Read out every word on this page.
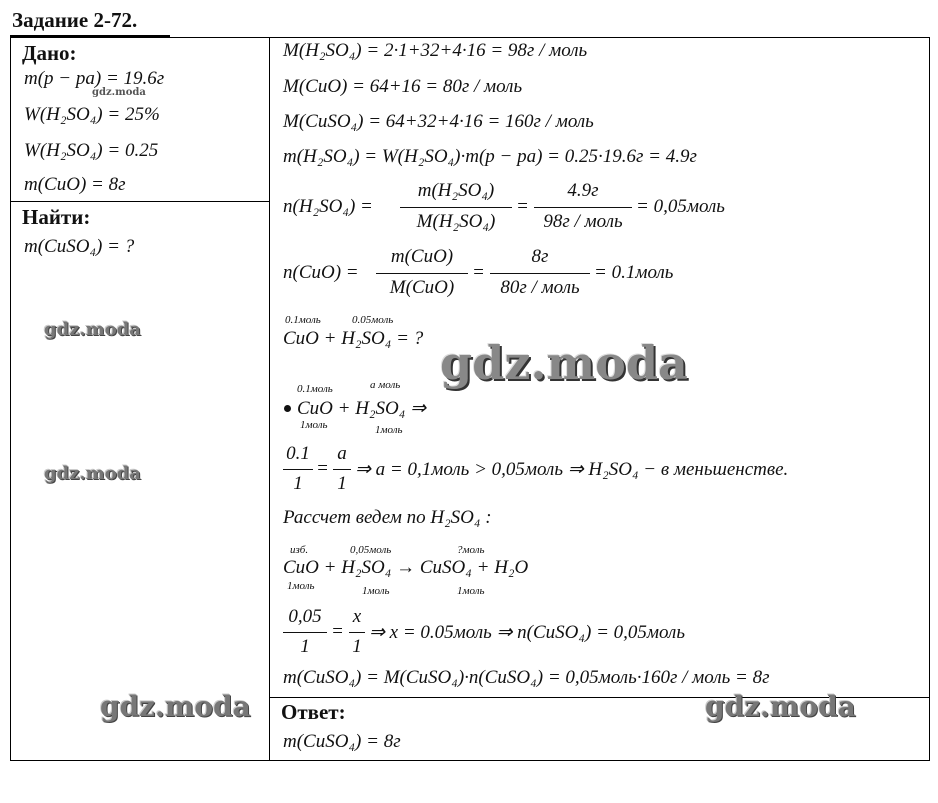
Задание 2-72.
Дано:
m(p − pa) = 19.6г
W(H₂SO₄) = 25%
W(H₂SO₄) = 0.25
m(CuO) = 8г
Найти:
m(CuSO₄) = ?
M(H₂SO₄) = 2·1+32+4·16 = 98г / моль
M(CuO) = 64+16 = 80г / моль
M(CuSO₄) = 64+32+4·16 = 160г / моль
m(H₂SO₄) = W(H₂SO₄)·m(p − pa) = 0.25·19.6г = 4.9г
n(H₂SO₄) =
m(H₂SO₄)
M(H₂SO₄)
=
4.9г
98г / моль
= 0,05моль
n(CuO) =
m(CuO)
M(CuO)
=
8г
80г / моль
= 0.1моль
0.1моль	0.05моль
CuO + H₂SO₄ = ?
0.1моль	a моль
CuO + H₂SO₄ ⇒
1моль	1моль
0.1
1
=
a
1
⇒ a = 0,1моль > 0,05моль ⇒ H₂SO₄ − в меньшенстве.
Рассчет ведем по H₂SO₄ :
изб.	0,05моль	?моль
CuO + H₂SO₄ → CuSO₄ + H₂O
1моль	1моль	1моль
0,05
1
=
x
1
⇒ x = 0.05моль ⇒ n(CuSO₄) = 0,05моль
m(CuSO₄) = M(CuSO₄)·n(CuSO₄) = 0,05моль·160г / моль = 8г
Ответ:
m(CuSO₄) = 8г
gdz.moda
gdz.moda
gdz.moda
gdz.moda
gdz.moda	gdz.moda
